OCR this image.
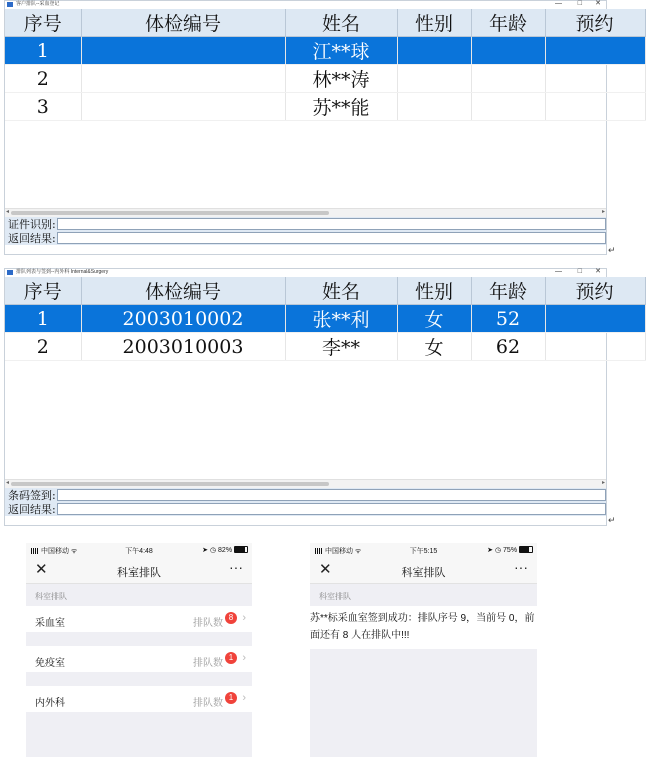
客户排队--采血登记	— □ ✕
序号	体检编号	姓名	性别	年龄	预约
1		江**球			
2		林**涛			
3		苏**能			
◂	▸
证件识别:
返回结果:
↵
排队列表与签到--内外科 Internal&Surgery	— □ ✕
序号	体检编号	姓名	性别	年龄	预约
1	2003010002	张**利	女	52	
2	2003010003	李**	女	62	
◂	▸
条码签到:
返回结果:
↵
中国移动 ᯤ	下午4:48	➤ ◷ 82%
✕	科室排队	···
科室排队
采血室	排队数
8 ›
免疫室	排队数
1 ›
内外科	排队数
1 ›
中国移动 ᯤ	下午5:15	➤ ◷ 75%
✕	科室排队	···
科室排队
苏**标采血室签到成功：排队序号 9，当前号 0，前面还有 8 人在排队中!!!
